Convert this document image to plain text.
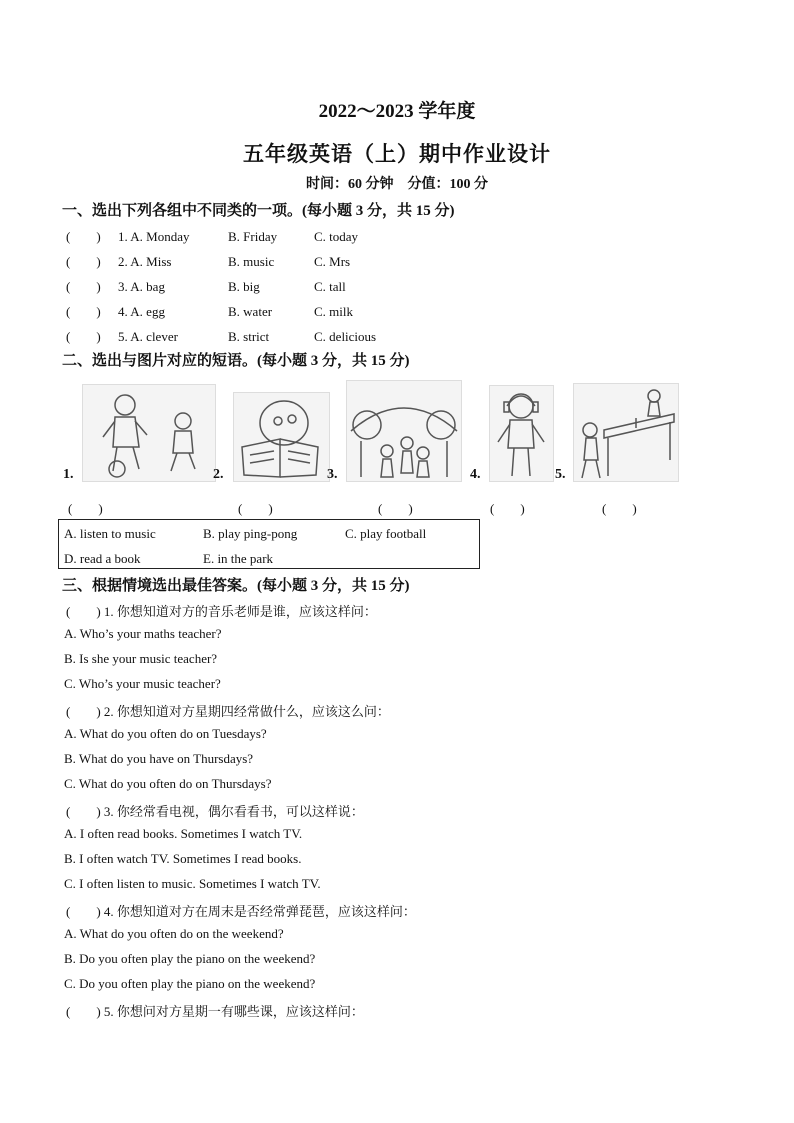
2022～2023 学年度
五年级英语（上）期中作业设计
时间：60 分钟　分值：100 分
一、选出下列各组中不同类的一项。(每小题 3 分，共 15 分)
(　　) 1. A. Monday	B. Friday	C. today
(　　) 2. A. Miss	B. music	C. Mrs
(　　) 3. A. bag	B. big	C. tall
(　　) 4. A. egg	B. water	C. milk
(　　) 5. A. clever	B. strict	C. delicious
二、选出与图片对应的短语。(每小题 3 分，共 15 分)
1.	2.	3.	4.	5.
(　　)	(　　)	(　　)	(　　)	(　　)
A. listen to music	B. play ping-pong	C. play football
D. read a book	E. in the park
三、根据情境选出最佳答案。(每小题 3 分，共 15 分)
(　　) 1. 你想知道对方的音乐老师是谁，应该这样问：
A. Who’s your maths teacher?
B. Is she your music teacher?
C. Who’s your music teacher?
(　　) 2. 你想知道对方星期四经常做什么，应该这么问：
A. What do you often do on Tuesdays?
B. What do you have on Thursdays?
C. What do you often do on Thursdays?
(　　) 3. 你经常看电视，偶尔看看书，可以这样说：
A. I often read books. Sometimes I watch TV.
B. I often watch TV. Sometimes I read books.
C. I often listen to music. Sometimes I watch TV.
(　　) 4. 你想知道对方在周末是否经常弹琵琶，应该这样问：
A. What do you often do on the weekend?
B. Do you often play the piano on the weekend?
C. Do you often play the piano on the weekend?
(　　) 5. 你想问对方星期一有哪些课，应该这样问：
